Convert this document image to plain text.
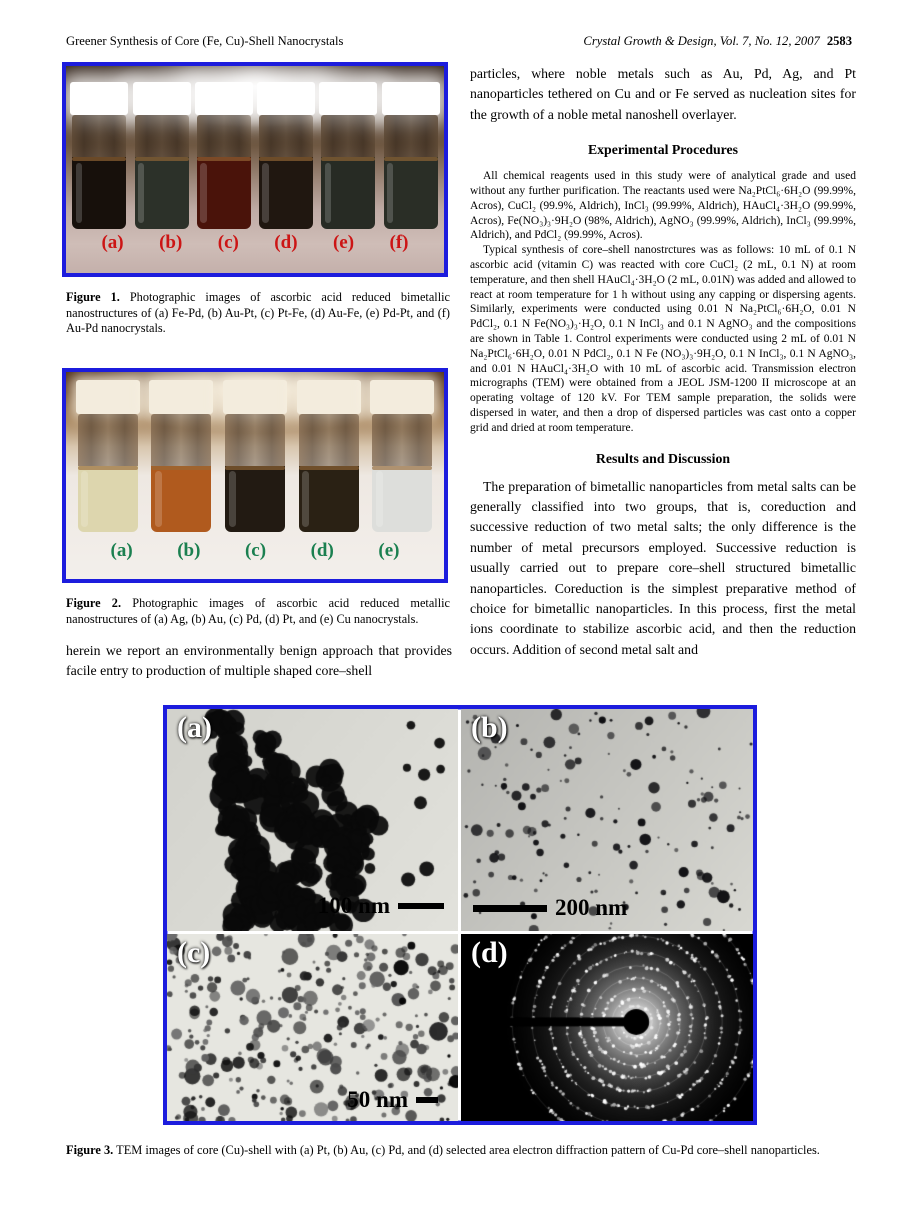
Greener Synthesis of Core (Fe, Cu)-Shell Nanocrystals	Crystal Growth & Design, Vol. 7, No. 12, 2007 2583
(a) (b) (c) (d) (e) (f)
Figure 1. Photographic images of ascorbic acid reduced bimetallic nanostructures of (a) Fe-Pd, (b) Au-Pt, (c) Pt-Fe, (d) Au-Fe, (e) Pd-Pt, and (f) Au-Pd nanocrystals.
(a) (b) (c) (d) (e)
Figure 2. Photographic images of ascorbic acid reduced metallic nanostructures of (a) Ag, (b) Au, (c) Pd, (d) Pt, and (e) Cu nanocrystals.

herein we report an environmentally benign approach that provides facile entry to production of multiple shaped core–shell

particles, where noble metals such as Au, Pd, Ag, and Pt nanoparticles tethered on Cu and or Fe served as nucleation sites for the growth of a noble metal nanoshell overlayer.

Experimental Procedures

All chemical reagents used in this study were of analytical grade and used without any further purification. The reactants used were Na₂PtCl₆·6H₂O (99.99%, Acros), CuCl₂ (99.9%, Aldrich), InCl₃ (99.99%, Aldrich), HAuCl₄·3H₂O (99.99%, Acros), Fe(NO₃)₃·9H₂O (98%, Aldrich), AgNO₃ (99.99%, Aldrich), InCl₃ (99.99%, Aldrich), and PdCl₂ (99.99%, Acros).

Typical synthesis of core–shell nanostrctures was as follows: 10 mL of 0.1 N ascorbic acid (vitamin C) was reacted with core CuCl₂ (2 mL, 0.1 N) at room temperature, and then shell HAuCl₄·3H₂O (2 mL, 0.01N) was added and allowed to react at room temperature for 1 h without using any capping or dispersing agents. Similarly, experiments were conducted using 0.01 N Na₂PtCl₆·6H₂O, 0.01 N PdCl₂, 0.1 N Fe(NO₃)₃·H₂O, 0.1 N InCl₃ and 0.1 N AgNO₃ and the compositions are shown in Table 1. Control experiments were conducted using 2 mL of 0.01 N Na₂PtCl₆·6H₂O, 0.01 N PdCl₂, 0.1 N Fe (NO₃)₃·9H₂O, 0.1 N InCl₃, 0.1 N AgNO₃, and 0.01 N HAuCl₄·3H₂O with 10 mL of ascorbic acid. Transmission electron micrographs (TEM) were obtained from a JEOL JSM-1200 II microscope at an operating voltage of 120 kV. For TEM sample preparation, the solids were dispersed in water, and then a drop of dispersed particles was cast onto a copper grid and dried at room temperature.

Results and Discussion

The preparation of bimetallic nanoparticles from metal salts can be generally classified into two groups, that is, coreduction and successive reduction of two metal salts; the only difference is the number of metal precursors employed. Successive reduction is usually carried out to prepare core–shell structured bimetallic nanoparticles. Coreduction is the simplest preparative method of choice for bimetallic nanoparticles. In this process, first the metal ions coordinate to stabilize ascorbic acid, and then the reduction occurs. Addition of second metal salt and

(a)
100 nm
(b)
200 nm
(c)
50 nm
(d)
Figure 3. TEM images of core (Cu)-shell with (a) Pt, (b) Au, (c) Pd, and (d) selected area electron diffraction pattern of Cu-Pd core–shell nanoparticles.
